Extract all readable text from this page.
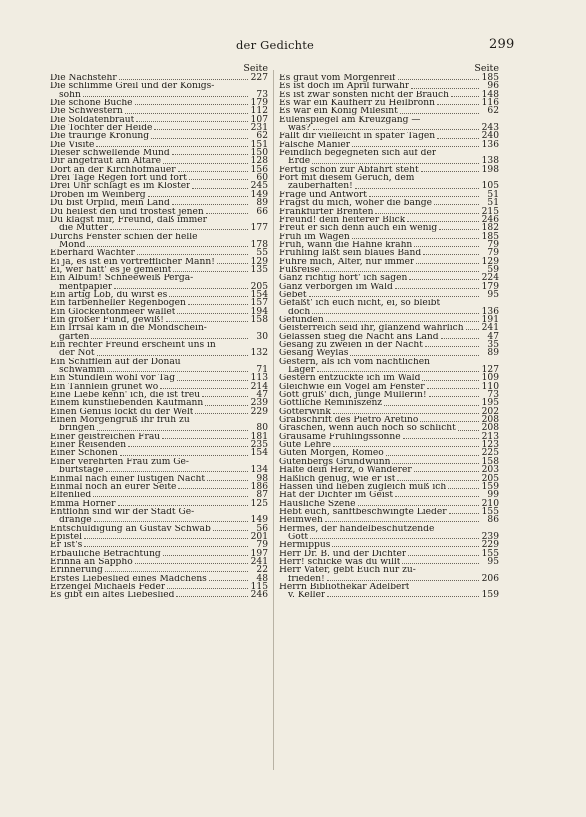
der Gedichte	299
Seite
Die Nächstehr	227
Die schlimme Greil und der Königs-
sohn	73
Die schöne Buche	179
Die Schwestern	112
Die Soldatenbraut	107
Die Tochter der Heide	231
Die traurige Krönung	62
Die Visite	151
Dieser schwellende Mund	150
Dir angetraut am Altare	128
Dort an der Kirchhofmauer	156
Drei Tage Regen fort und fort	60
Drei Uhr schlägt es im Kloster	245
Droben im Weinberg	149
Du bist Orplid, mein Land	89
Du heilest den und tröstest jenen	66
Du klagst mir, Freund, daß immer
die Mutter	177
Durchs Fenster schien der helle
Mond	178
Eberhard Wächter	55
Ei ja, es ist ein vortrefflicher Mann!	129
Ei, wer hätt' es je gemeint	135
Ein Album! Schneeweiß Perga-
mentpapier	205
Ein artig Lob, du wirst es	154
Ein farbenheller Regenbogen	157
Ein Glockentonmeer wallet	194
Ein großer Fund, gewiß!	158
Ein Irrsal kam in die Mondschein-
gärten	30
Ein rechter Freund erscheint uns in
der Not	132
Ein Schifflein auf der Donau
schwamm	71
Ein Stündlein wohl vor Tag	113
Ein Tännlein grünet wo	214
Eine Liebe kenn' ich, die ist treu	47
Einem kunstliebenden Kaufmann	239
Einen Genius lockt du der Welt	229
Einen Morgengruß ihr früh zu
bringen	80
Einer geistreichen Frau	181
Einer Reisenden	235
Einer Schönen	154
Einer verehrten Frau zum Ge-
burtstage	134
Einmal nach einer lustigen Nacht	98
Einmal noch an eurer Seite	186
Elfenlied	87
Emma Horner	125
Entflohn sind wir der Stadt Ge-
dränge	149
Entschuldigung an Gustav Schwab	56
Epistel	201
Er ist's	79
Erbauliche Betrachtung	197
Erinna an Sappho	241
Erinnerung	22
Erstes Liebeslied eines Mädchens	48
Erzengel Michaels Feder	115
Es gibt ein altes Liebeslied	246
Seite
Es graut vom Morgenreif	185
Es ist doch im April fürwahr	96
Es ist zwar sonsten nicht der Brauch	148
Es war ein Kaufherr zu Heilbronn	116
Es war ein König Milesint	62
Eulenspiegel am Kreuzgang —
was?	243
Fällt dir vielleicht in später Tagen	240
Falsche Manier	136
Feindlich begegneten sich auf der
Erde	138
Fertig schon zur Abfahrt steht	198
Fort mit diesem Geruch, dem
zauberhaften!	105
Frage und Antwort	51
Fragst du mich, woher die bange	51
Frankfurter Brenten	215
Freund! dein heiterer Blick	246
Freut er sich denn auch ein wenig	182
Früh im Wagen	185
Früh, wann die Hähne krähn	79
Frühling läßt sein blaues Band	79
Führe mich, Alter, nur immer	129
Fußreise	59
Ganz richtig hört' ich sagen	224
Ganz verborgen im Wald	179
Gebet	95
Gefaßt' ich euch nicht, ei, so bleibt
doch	136
Gefunden	191
Geisterreich seid ihr, glänzend wahrlich 241
Gelassen stieg die Nacht ans Land	47
Gesang zu zweien in der Nacht	35
Gesang Weylas	89
Gestern, als ich vom nächtlichen
Lager	127
Gestern entzückte ich im Wald	109
Gleichwie ein Vogel am Fenster	110
Gott grüß' dich, junge Müllerin!	73
Göttliche Reminiszenz	195
Götterwink	202
Grabschrift des Pietro Aretino	208
Gräschen, wenn auch noch so schlicht	208
Grausame Frühlingssonne	213
Gute Lehre	123
Guten Morgen, Romeo	225
Gutenbergs Grundwunn	158
Halte dein Herz, o Wanderer	203
Häßlich genug, wie er ist	205
Hassen und lieben zugleich muß ich	159
Hat der Dichter im Geist	99
Häusliche Szene	210
Hebt euch, sanftbeschwingte Lieder	155
Heimweh	86
Hermes, der handelbeschützende
Gott	239
Hermippus	229
Herr Dr. B. und der Dichter	155
Herr! schicke was du willt	95
Herr Vater, gebt Euch nur zu-
frieden!	206
Herrn Bibliothekar Adelbert
v. Keller	159
